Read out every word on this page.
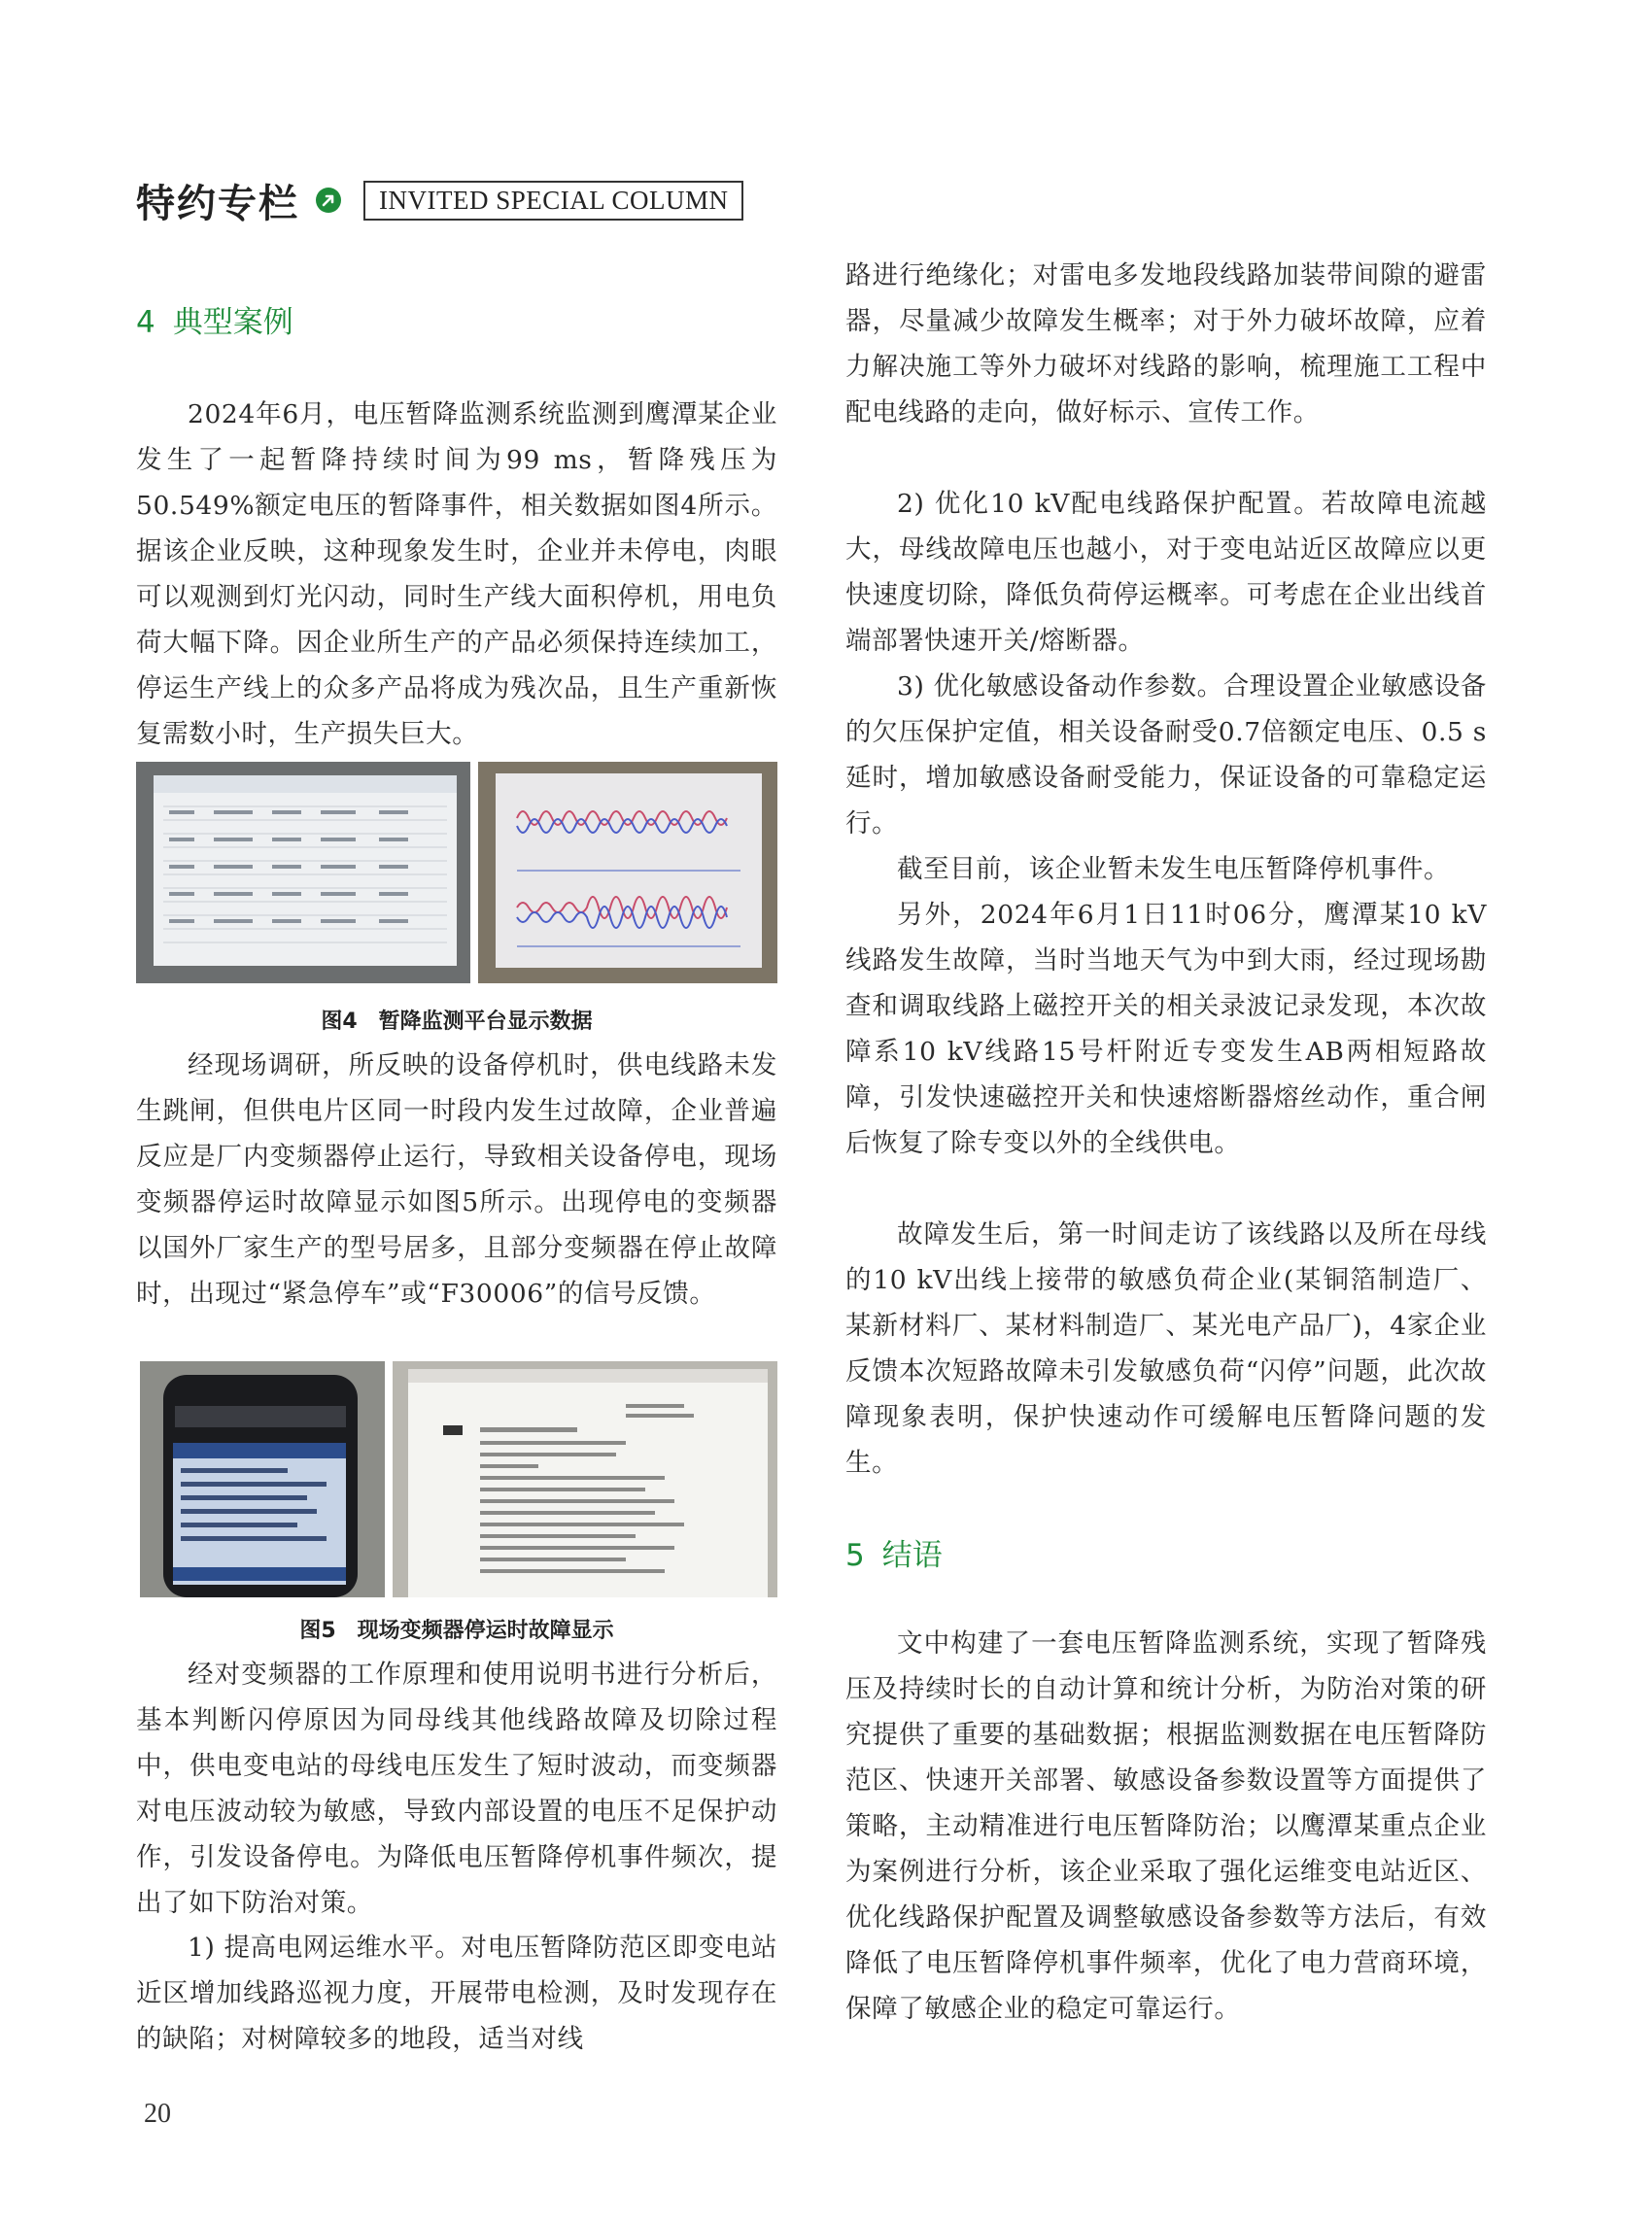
特约专栏	INVITED SPECIAL COLUMN
4 典型案例
2024年6月，电压暂降监测系统监测到鹰潭某企业发生了一起暂降持续时间为99 ms，暂降残压为50.549%额定电压的暂降事件，相关数据如图4所示。据该企业反映，这种现象发生时，企业并未停电，肉眼可以观测到灯光闪动，同时生产线大面积停机，用电负荷大幅下降。因企业所生产的产品必须保持连续加工，停运生产线上的众多产品将成为残次品，且生产重新恢复需数小时，生产损失巨大。
图4 暂降监测平台显示数据
经现场调研，所反映的设备停机时，供电线路未发生跳闸，但供电片区同一时段内发生过故障，企业普遍反应是厂内变频器停止运行，导致相关设备停电，现场变频器停运时故障显示如图5所示。出现停电的变频器以国外厂家生产的型号居多，且部分变频器在停止故障时，出现过“紧急停车”或“F30006”的信号反馈。
图5 现场变频器停运时故障显示
经对变频器的工作原理和使用说明书进行分析后，基本判断闪停原因为同母线其他线路故障及切除过程中，供电变电站的母线电压发生了短时波动，而变频器对电压波动较为敏感，导致内部设置的电压不足保护动作，引发设备停电。为降低电压暂降停机事件频次，提出了如下防治对策。
1) 提高电网运维水平。对电压暂降防范区即变电站近区增加线路巡视力度，开展带电检测，及时发现存在的缺陷；对树障较多的地段，适当对线
路进行绝缘化；对雷电多发地段线路加装带间隙的避雷器，尽量减少故障发生概率；对于外力破坏故障，应着力解决施工等外力破坏对线路的影响，梳理施工工程中配电线路的走向，做好标示、宣传工作。
2) 优化10 kV配电线路保护配置。若故障电流越大，母线故障电压也越小，对于变电站近区故障应以更快速度切除，降低负荷停运概率。可考虑在企业出线首端部署快速开关/熔断器。
3) 优化敏感设备动作参数。合理设置企业敏感设备的欠压保护定值，相关设备耐受0.7倍额定电压、0.5 s延时，增加敏感设备耐受能力，保证设备的可靠稳定运行。
截至目前，该企业暂未发生电压暂降停机事件。
另外，2024年6月1日11时06分，鹰潭某10 kV线路发生故障，当时当地天气为中到大雨，经过现场勘查和调取线路上磁控开关的相关录波记录发现，本次故障系10 kV线路15号杆附近专变发生AB两相短路故障，引发快速磁控开关和快速熔断器熔丝动作，重合闸后恢复了除专变以外的全线供电。
故障发生后，第一时间走访了该线路以及所在母线的10 kV出线上接带的敏感负荷企业(某铜箔制造厂、某新材料厂、某材料制造厂、某光电产品厂)，4家企业反馈本次短路故障未引发敏感负荷“闪停”问题，此次故障现象表明，保护快速动作可缓解电压暂降问题的发生。
5 结语
文中构建了一套电压暂降监测系统，实现了暂降残压及持续时长的自动计算和统计分析，为防治对策的研究提供了重要的基础数据；根据监测数据在电压暂降防范区、快速开关部署、敏感设备参数设置等方面提供了策略，主动精准进行电压暂降防治；以鹰潭某重点企业为案例进行分析，该企业采取了强化运维变电站近区、优化线路保护配置及调整敏感设备参数等方法后，有效降低了电压暂降停机事件频率，优化了电力营商环境，保障了敏感企业的稳定可靠运行。
20
